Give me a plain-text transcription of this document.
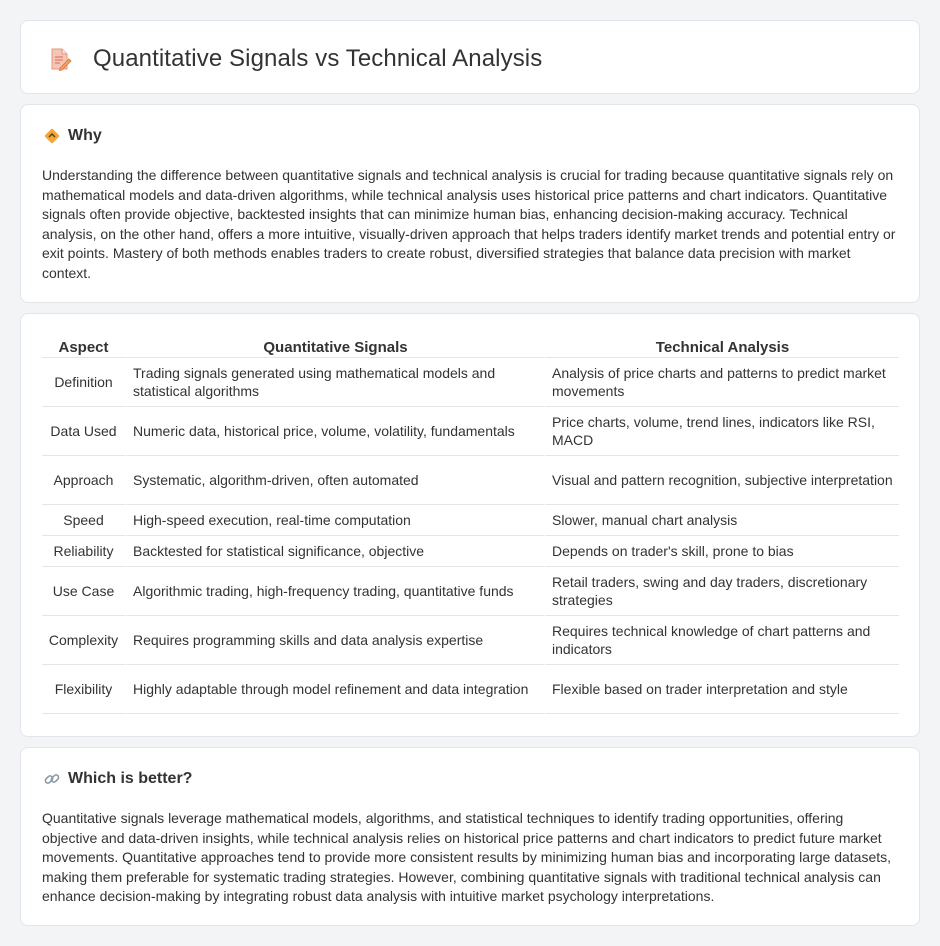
Quantitative Signals vs Technical Analysis
Why

Understanding the difference between quantitative signals and technical analysis is crucial for trading because quantitative signals rely on mathematical models and data-driven algorithms, while technical analysis uses historical price patterns and chart indicators. Quantitative signals often provide objective, backtested insights that can minimize human bias, enhancing decision-making accuracy. Technical analysis, on the other hand, offers a more intuitive, visually-driven approach that helps traders identify market trends and potential entry or exit points. Mastery of both methods enables traders to create robust, diversified strategies that balance data precision with market context.

Aspect	Quantitative Signals	Technical Analysis
Definition	Trading signals generated using mathematical models and statistical algorithms	Analysis of price charts and patterns to predict market movements
Data Used	Numeric data, historical price, volume, volatility, fundamentals	Price charts, volume, trend lines, indicators like RSI, MACD
Approach	Systematic, algorithm-driven, often automated	Visual and pattern recognition, subjective interpretation
Speed	High-speed execution, real-time computation	Slower, manual chart analysis
Reliability	Backtested for statistical significance, objective	Depends on trader's skill, prone to bias
Use Case	Algorithmic trading, high-frequency trading, quantitative funds	Retail traders, swing and day traders, discretionary strategies
Complexity	Requires programming skills and data analysis expertise	Requires technical knowledge of chart patterns and indicators
Flexibility	Highly adaptable through model refinement and data integration	Flexible based on trader interpretation and style
Which is better?

Quantitative signals leverage mathematical models, algorithms, and statistical techniques to identify trading opportunities, offering objective and data-driven insights, while technical analysis relies on historical price patterns and chart indicators to predict future market movements. Quantitative approaches tend to provide more consistent results by minimizing human bias and incorporating large datasets, making them preferable for systematic trading strategies. However, combining quantitative signals with traditional technical analysis can enhance decision-making by integrating robust data analysis with intuitive market psychology interpretations.
